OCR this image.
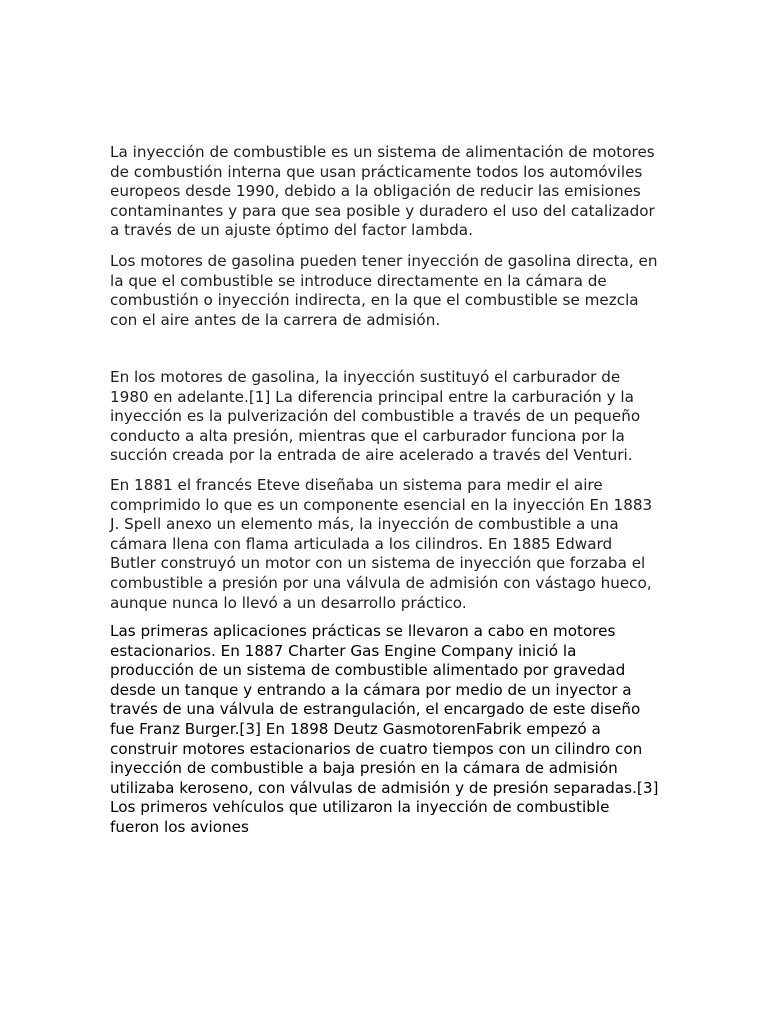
La inyección de combustible es un sistema de alimentación de motores de combustión interna que usan prácticamente todos los automóviles europeos desde 1990, debido a la obligación de reducir las emisiones contaminantes y para que sea posible y duradero el uso del catalizador a través de un ajuste óptimo del factor lambda.

Los motores de gasolina pueden tener inyección de gasolina directa, en la que el combustible se introduce directamente en la cámara de combustión o inyección indirecta, en la que el combustible se mezcla con el aire antes de la carrera de admisión.

En los motores de gasolina, la inyección sustituyó el carburador de 1980 en adelante.[1] La diferencia principal entre la carburación y la inyección es la pulverización del combustible a través de un pequeño conducto a alta presión, mientras que el carburador funciona por la succión creada por la entrada de aire acelerado a través del Venturi.

En 1881 el francés Eteve diseñaba un sistema para medir el aire comprimido lo que es un componente esencial en la inyección En 1883 J. Spell anexo un elemento más, la inyección de combustible a una cámara llena con flama articulada a los cilindros. En 1885 Edward Butler construyó un motor con un sistema de inyección que forzaba el combustible a presión por una válvula de admisión con vástago hueco, aunque nunca lo llevó a un desarrollo práctico.

Las primeras aplicaciones prácticas se llevaron a cabo en motores estacionarios. En 1887 Charter Gas Engine Company inició la producción de un sistema de combustible alimentado por gravedad desde un tanque y entrando a la cámara por medio de un inyector a través de una válvula de estrangulación, el encargado de este diseño fue Franz Burger.[3] En 1898 Deutz GasmotorenFabrik empezó a construir motores estacionarios de cuatro tiempos con un cilindro con inyección de combustible a baja presión en la cámara de admisión utilizaba keroseno, con válvulas de admisión y de presión separadas.[3] Los primeros vehículos que utilizaron la inyección de combustible fueron los aviones
